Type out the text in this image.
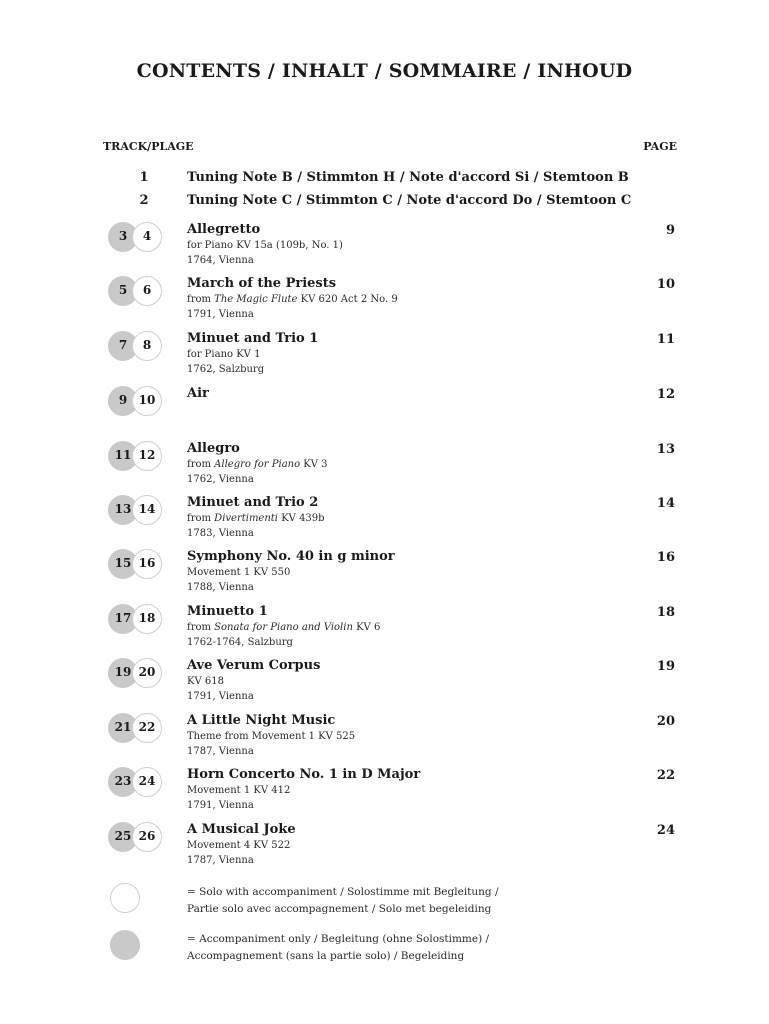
CONTENTS / INHALT / SOMMAIRE / INHOUD
TRACK/PLAGE	PAGE
1	Tuning Note B / Stimmton H / Note d'accord Si / Stemtoon B
2	Tuning Note C / Stimmton C / Note d'accord Do / Stemtoon C
3	4	Allegretto
for Piano KV 15a (109b, No. 1)
1764, Vienna
9
5	6	March of the Priests
from The Magic Flute KV 620 Act 2 No. 9
1791, Vienna
10
7	8	Minuet and Trio 1
for Piano KV 1
1762, Salzburg
11
9 10	Air	12
11 12	Allegro
from Allegro for Piano KV 3
1762, Vienna
13
13 14	Minuet and Trio 2
from Divertimenti KV 439b
1783, Vienna
14
15 16	Symphony No. 40 in g minor
Movement 1 KV 550
1788, Vienna
16
17 18	Minuetto 1
from Sonata for Piano and Violin KV 6
1762-1764, Salzburg
18
19 20	Ave Verum Corpus
KV 618
1791, Vienna
19
21 22	A Little Night Music
Theme from Movement 1 KV 525
1787, Vienna
20
23 24	Horn Concerto No. 1 in D Major
Movement 1 KV 412
1791, Vienna
22
25 26	A Musical Joke
Movement 4 KV 522
1787, Vienna
24
= Solo with accompaniment / Solostimme mit Begleitung /
Partie solo avec accompagnement / Solo met begeleiding
= Accompaniment only / Begleitung (ohne Solostimme) /
Accompagnement (sans la partie solo) / Begeleiding
